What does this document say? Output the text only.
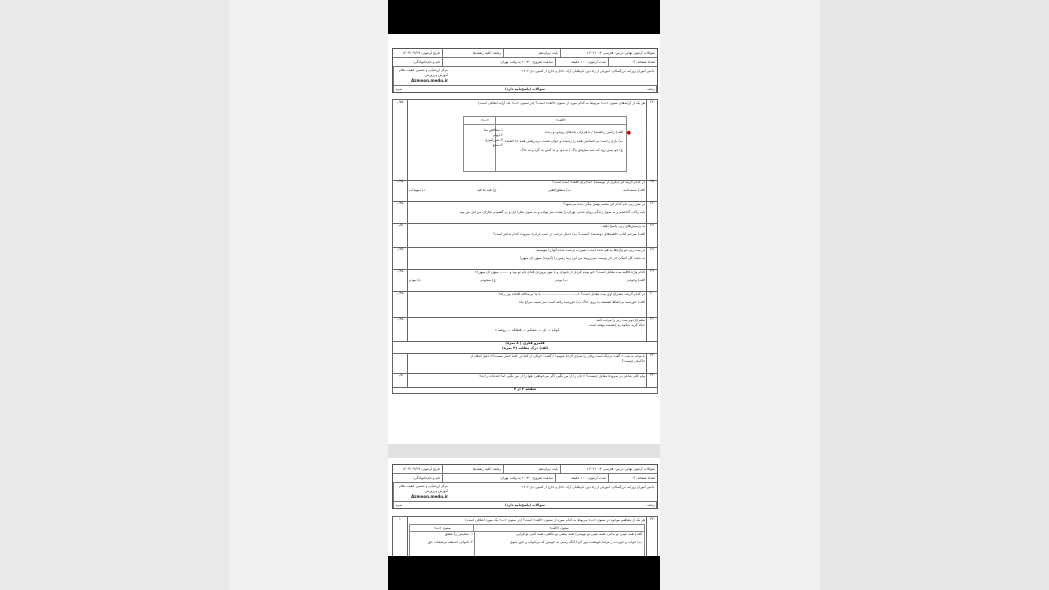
سوالات آزمون نهایی درس: فارسی ۳-۱۲۰۲۱۰
پایه: دوازدهم
رشته: کلیه رشته‌ها
تاریخ آزمون: ۱۴۰۳/۰۹/۲۷
تعداد صفحه: ۴
مدت آزمون: ۱۰۰ دقیقه
ساعت شروع: ۱۰:۳۰ به وقت تهران
نام و نام‌خانوادگی:
دانش آموزان روزانه، بزرگسالان، آموزش از راه دور، داوطلبان آزاد، داخل و خارج از کشور- دی ۱۴۰۳
مرکز ارزشیابی و تضمین کیفیت نظام آموزش و پرورش
Azmoon.medu.ir
ردیف
سوالات (پاسخ‌نامه دارد)
نمره
۲۴
۰/۷۵	هر یک از آرایه‌های ستون «ب» مربوط به کدام مورد از ستون «الف» است؟ (در ستون «ب» یک آرایه اضافی است)
«الف»
«ب»
الف) رخش رخشنده / با هزاران پانه‌های روشن و زنده
ب) بازی رحمت بی‌حسابش همه را رسیده و خوان نعمت بی‌دریغش همه جا کشیده .
ج) چو بیش رود اند شه سیاوش پاک / نه دود و نه آتش نه گرد و نه خاک
۱-متناقض نما
۲-ایهام
۳-حس‌آمیزی
۴-سجع
●
۲۵
۰/۲۵	در کدام گزینه اثر دیگری از نویسنده «ماجرای قلعه» آمده است؟
الف) سمندنامه
ب) منطق‌الطیر
ج) فیه ما فیه
د) تمهیدات
۲۶
۰/۲۵	در متن زیر، نام کدام اثر محمد بهمن بیگی دیده می‌شود؟
پایه رکاب گذاشتم و به سوی زندگی روان شدم. تهران را پشت سر نهادم و به سوی بخارا ایل و بر گشودم بخارای من ایل من بود.
۲۷
۰/۵	به پرسش‌های زیر، پاسخ دهید.
الف) مترجم کتاب «قصه‌های دوشنبه» کیست؟ ب) «مثل درخت در شب باران» سروده کدام شاعر است؟
۲۸
۰/۲۵	در بیت زیر، دو واژه‌ها به هم شده است؛ صورت درست شده آنها را بنویسید.
به شتت کل کبیکی جز دل پوست نمی‌رویند من این زیبا زمین را (آبم‌ده) میهن ای میهن!
۲۹
۰/۲۵	کدام واژه قافیه بیت مقابل است؟ «تو بودم کردی از نابودی و با مهر پروردی فدای نام تو بود و ........ میهن ای میهن!»
الف) وجودم
ب) بودم
ج) سجودم
د) نبودم
۳۰
۰/۲۵	در کدام گزینه، مصراع اول بیت مقابل است؟ «................................ با ما بی‌مذاقه افتاده بین راه»
الف) خورشید بی‌حفاظ نشسته به روی خاک ب) خورشید رفته است سر شیبه سراغ ماه
۳۱
۰/۲۵	مصراع دوم بیت زیر را مرتب کنید.
«یک گریه شکوه به چشمت نهفته است
کوتاهِ — ای — مجسّم — قنقلکه — روضهٔ »
قلمرو فکری ( ۸ نمره)
الف) درک مطلب (۴ نمره)
۳۲
با توجه به بیت « گفت نزدیک است والی را سرای آن‌جا شویم» / گفت: «والی از کجا در خانهٔ خمار نیست؟» دلیل انتقاد از
حاکمان چیست؟
۳۳
۰/۵	پیام کلی شاعر در سرودهٔ مقابل چیست؟ « نان را از من بگیر، اگر می‌خواهی؛ هوا را از من بگیر، اما خنده‌ات را نه»
صفحه ۳ از ۴
سوالات آزمون نهایی درس: فارسی ۳-۱۲۰۲۱۰
پایه: دوازدهم
رشته: کلیه رشته‌ها
تاریخ آزمون: ۱۴۰۳/۰۹/۲۷
تعداد صفحه: ۴
مدت آزمون: ۱۰۰ دقیقه
ساعت شروع: ۱۰:۳۰ به وقت تهران
نام و نام‌خانوادگی:
دانش آموزان روزانه، بزرگسالان، آموزش از راه دور، داوطلبان آزاد، داخل و خارج از کشور- دی ۱۴۰۳
مرکز ارزشیابی و تضمین کیفیت نظام آموزش و پرورش
Azmoon.medu.ir
ردیف
سوالات (پاسخ‌نامه دارد)
نمره
۳۴
۱	هر یک از مفاهیم موجود در ستون «ب» مربوط به کدام مورد از ستون «الف» است؟ (در ستون «ب» یک مورد اضافی است)
ستون «الف»
ستون «ب»
الف) همه عیبی تو بدانی، همه عیبی تو بپوشی/ همه بیشی تو بکاهی، همه کمی تو فزایی
ب) خواب و خوردت ز مرتبهٔ خویشت دور کرد/ آنگه رسی به خویش که بی‌خواب و خور شوی
۱- ستایش ردّ عشق
۲- ناتوانی اندیشه بی‌صفات حق
